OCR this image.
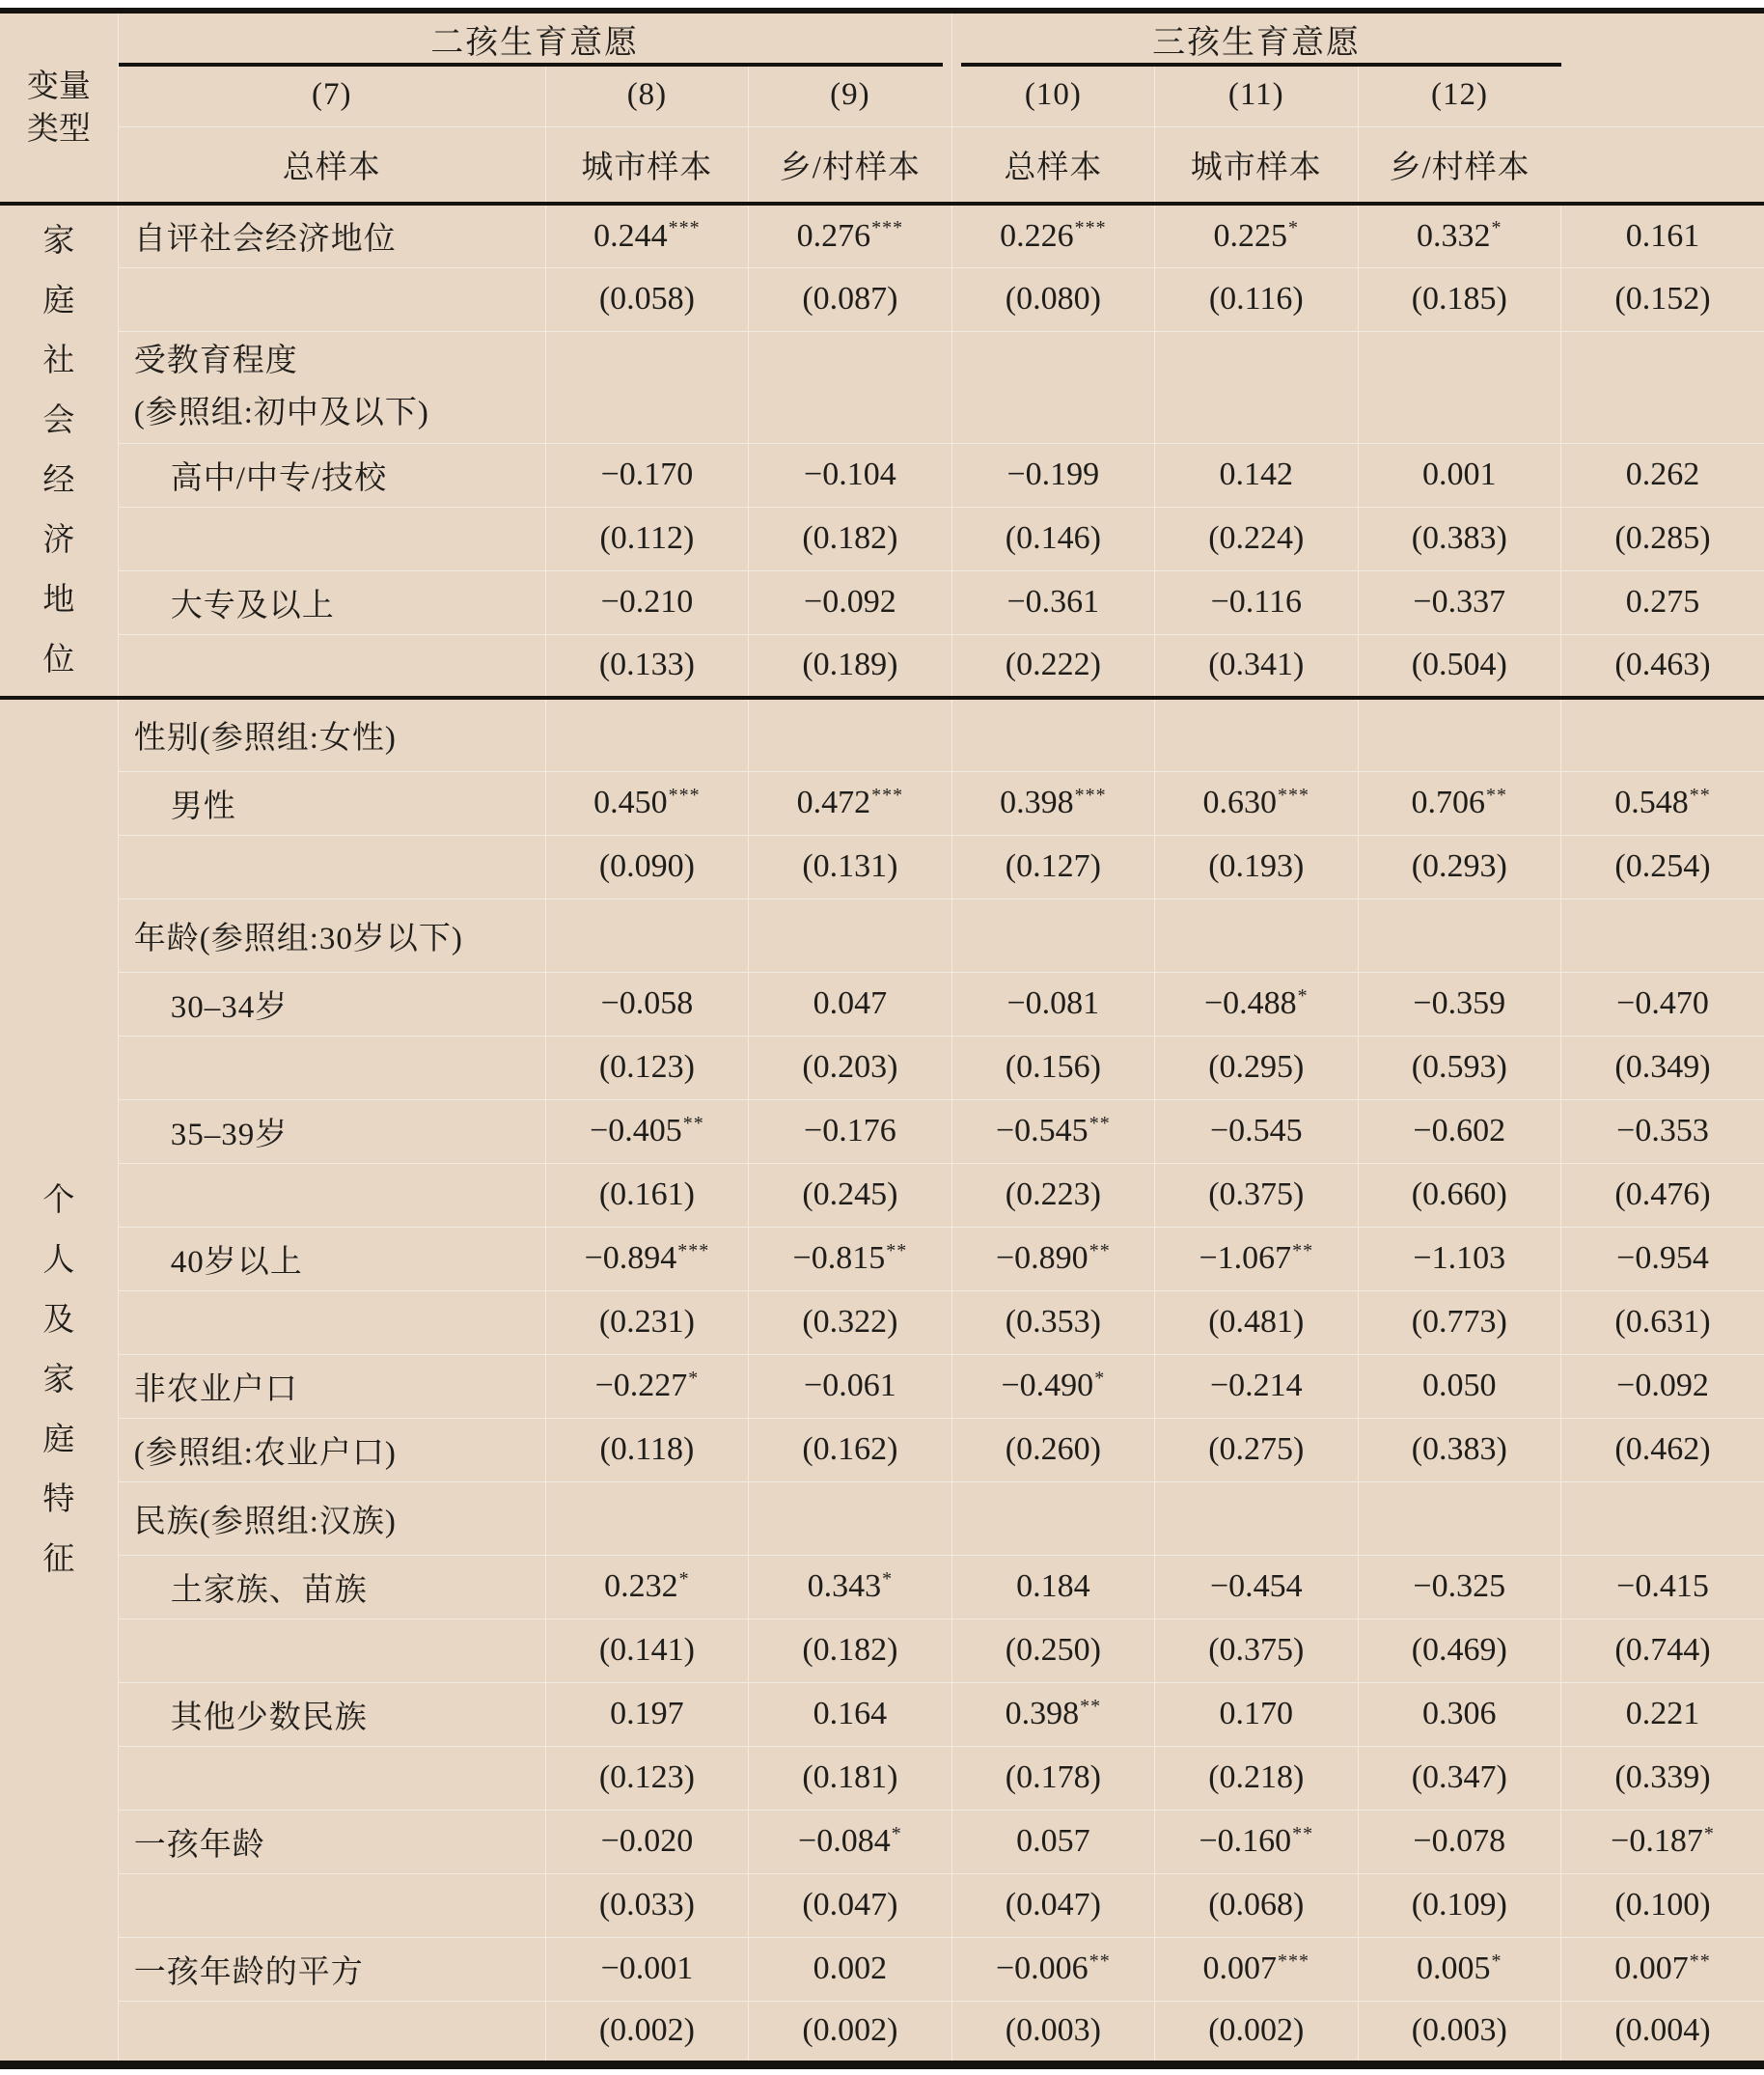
变量
类型	二孩生育意愿			三孩生育意愿			
	(7)	(8)	(9)	(10)	(11)	(12)	
	总样本	城市样本	乡/村样本	总样本	城市样本	乡/村样本	

家
庭
社
会
经
济
地
位
	自评社会经济地位	0.244***	0.276***	0.226***	0.225*	0.332*	0.161
		(0.058)	(0.087)	(0.080)	(0.116)	(0.185)	(0.152)

	受教育程度
(参照组:初中及以下)						

	高中/中专/技校	−0.170	−0.104	−0.199	0.142	0.001	0.262
		(0.112)	(0.182)	(0.146)	(0.224)	(0.383)	(0.285)
	大专及以上	−0.210	−0.092	−0.361	−0.116	−0.337	0.275
		(0.133)	(0.189)	(0.222)	(0.341)	(0.504)	(0.463)

个
人
及
家
庭
特
征
	性别(参照组:女性)						
	男性	0.450***	0.472***	0.398***	0.630***	0.706**	0.548**
		(0.090)	(0.131)	(0.127)	(0.193)	(0.293)	(0.254)
	年龄(参照组:30岁以下)						
	30–34岁	−0.058	0.047	−0.081	−0.488*	−0.359	−0.470
		(0.123)	(0.203)	(0.156)	(0.295)	(0.593)	(0.349)
	35–39岁	−0.405**	−0.176	−0.545**	−0.545	−0.602	−0.353
		(0.161)	(0.245)	(0.223)	(0.375)	(0.660)	(0.476)
	40岁以上	−0.894***	−0.815**	−0.890**	−1.067**	−1.103	−0.954
		(0.231)	(0.322)	(0.353)	(0.481)	(0.773)	(0.631)
	非农业户口	−0.227*	−0.061	−0.490*	−0.214	0.050	−0.092
	(参照组:农业户口)	(0.118)	(0.162)	(0.260)	(0.275)	(0.383)	(0.462)
	民族(参照组:汉族)						
	土家族、苗族	0.232*	0.343*	0.184	−0.454	−0.325	−0.415
		(0.141)	(0.182)	(0.250)	(0.375)	(0.469)	(0.744)
	其他少数民族	0.197	0.164	0.398**	0.170	0.306	0.221
		(0.123)	(0.181)	(0.178)	(0.218)	(0.347)	(0.339)
	一孩年龄	−0.020	−0.084*	0.057	−0.160**	−0.078	−0.187*
		(0.033)	(0.047)	(0.047)	(0.068)	(0.109)	(0.100)
	一孩年龄的平方	−0.001	0.002	−0.006**	0.007***	0.005*	0.007**
		(0.002)	(0.002)	(0.003)	(0.002)	(0.003)	(0.004)
